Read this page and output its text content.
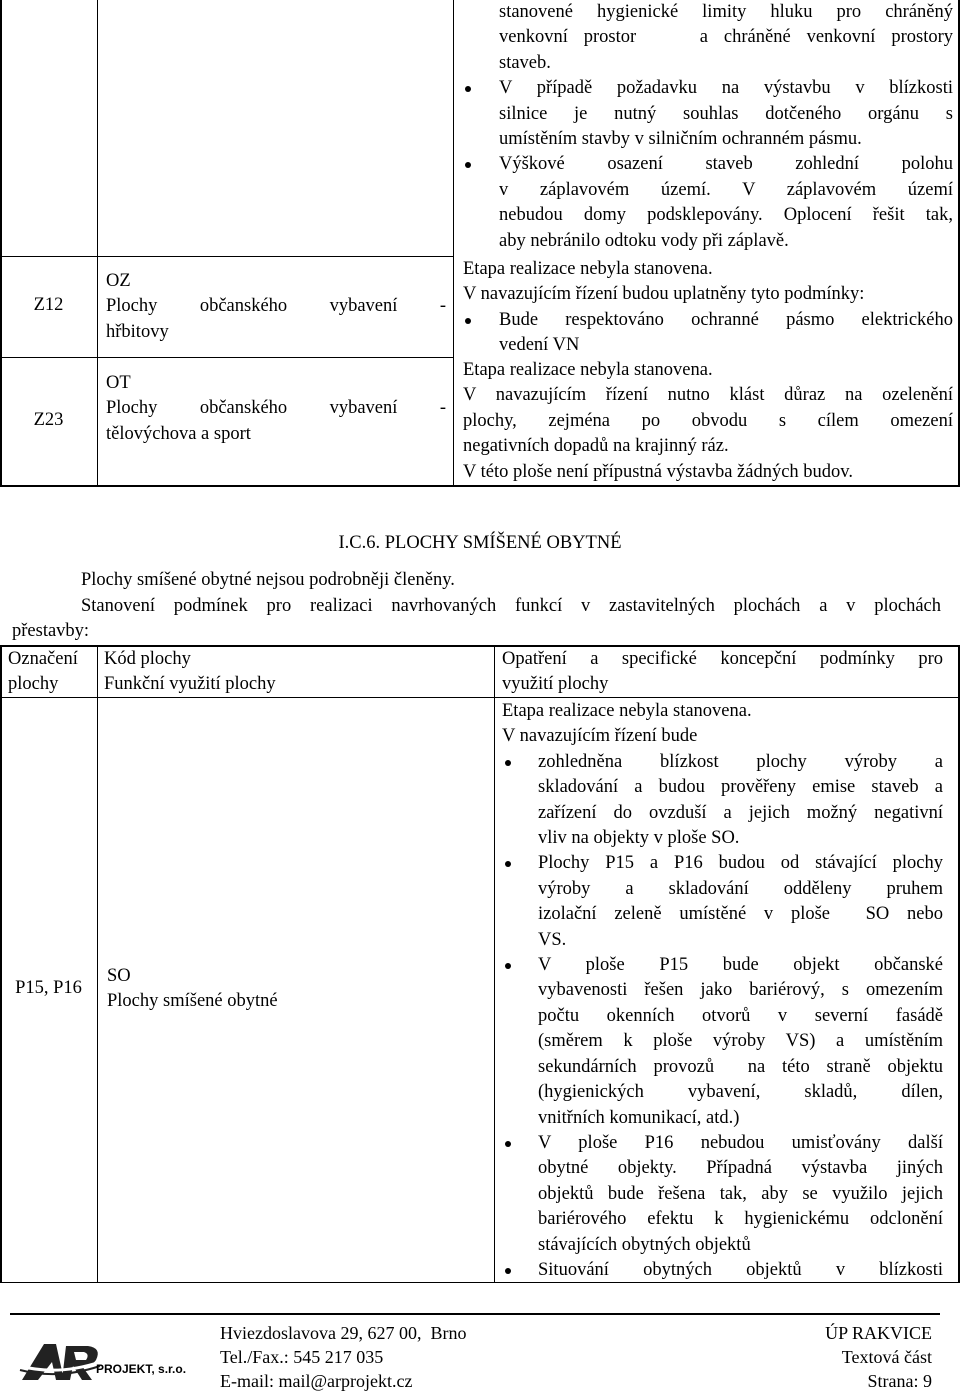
stanovené hygienické limity hluku pro chráněný
venkovní prostor    a chráněné venkovní prostory
staveb.
V případě požadavku na výstavbu v blízkosti
silnice je nutný souhlas dotčeného orgánu s
umístěním stavby v silničním ochranném pásmu.
Výškové osazení staveb zohlední polohu
v záplavovém území. V záplavovém území
nebudou domy podsklepovány. Oplocení řešit tak,
aby nebránilo odtoku vody při záplavě.
Z12
OZ
Plochy občanského vybavení -
hřbitovy
Etapa realizace nebyla stanovena.
V navazujícím řízení budou uplatněny tyto podmínky:
Bude respektováno ochranné pásmo elektrického
vedení VN
Z23
OT
Plochy občanského vybavení -
tělovýchova a sport
Etapa realizace nebyla stanovena.
V navazujícím řízení nutno klást důraz na ozelenění
plochy, zejména po obvodu s cílem omezení
negativních dopadů na krajinný ráz.
V této ploše není přípustná výstavba žádných budov.
I.C.6. PLOCHY SMÍŠENÉ OBYTNÉ
Plochy smíšené obytné nejsou podrobněji členěny.
Stanovení podmínek pro realizaci navrhovaných funkcí v zastavitelných plochách a v plochách
přestavby:
Označení
plochy
Kód plochy
Funkční využití plochy
Opatření a specifické koncepční podmínky pro
využití plochy
P15, P16
SO
Plochy smíšené obytné
Etapa realizace nebyla stanovena.
V navazujícím řízení bude
zohledněna blízkost plochy výroby a
skladování a budou prověřeny emise staveb a
zařízení do ovzduší a jejich možný negativní
vliv na objekty v ploše SO.
Plochy P15 a P16 budou od stávající plochy
výroby a skladování odděleny pruhem
izolační zeleně umístěné v ploše  SO nebo
VS.
V ploše P15 bude objekt občanské
vybavenosti řešen jako bariérový, s omezením
počtu okenních otvorů v severní fasádě
(směrem k ploše výroby VS) a umístěním
sekundárních provozů  na této straně objektu
(hygienických vybavení, skladů, dílen,
vnitřních komunikací, atd.)
V ploše P16 nebudou umisťovány další
obytné objekty. Případná výstavba jiných
objektů bude řešena tak, aby se využilo jejich
bariérového efektu k hygienickému odclonění
stávajících obytných objektů
Situování obytných objektů v blízkosti
PROJEKT, s.r.o.
Hviezdoslavova 29, 627 00,  Brno
Tel./Fax.: 545 217 035
E-mail: mail@arprojekt.cz
ÚP RAKVICE
Textová část
Strana: 9
